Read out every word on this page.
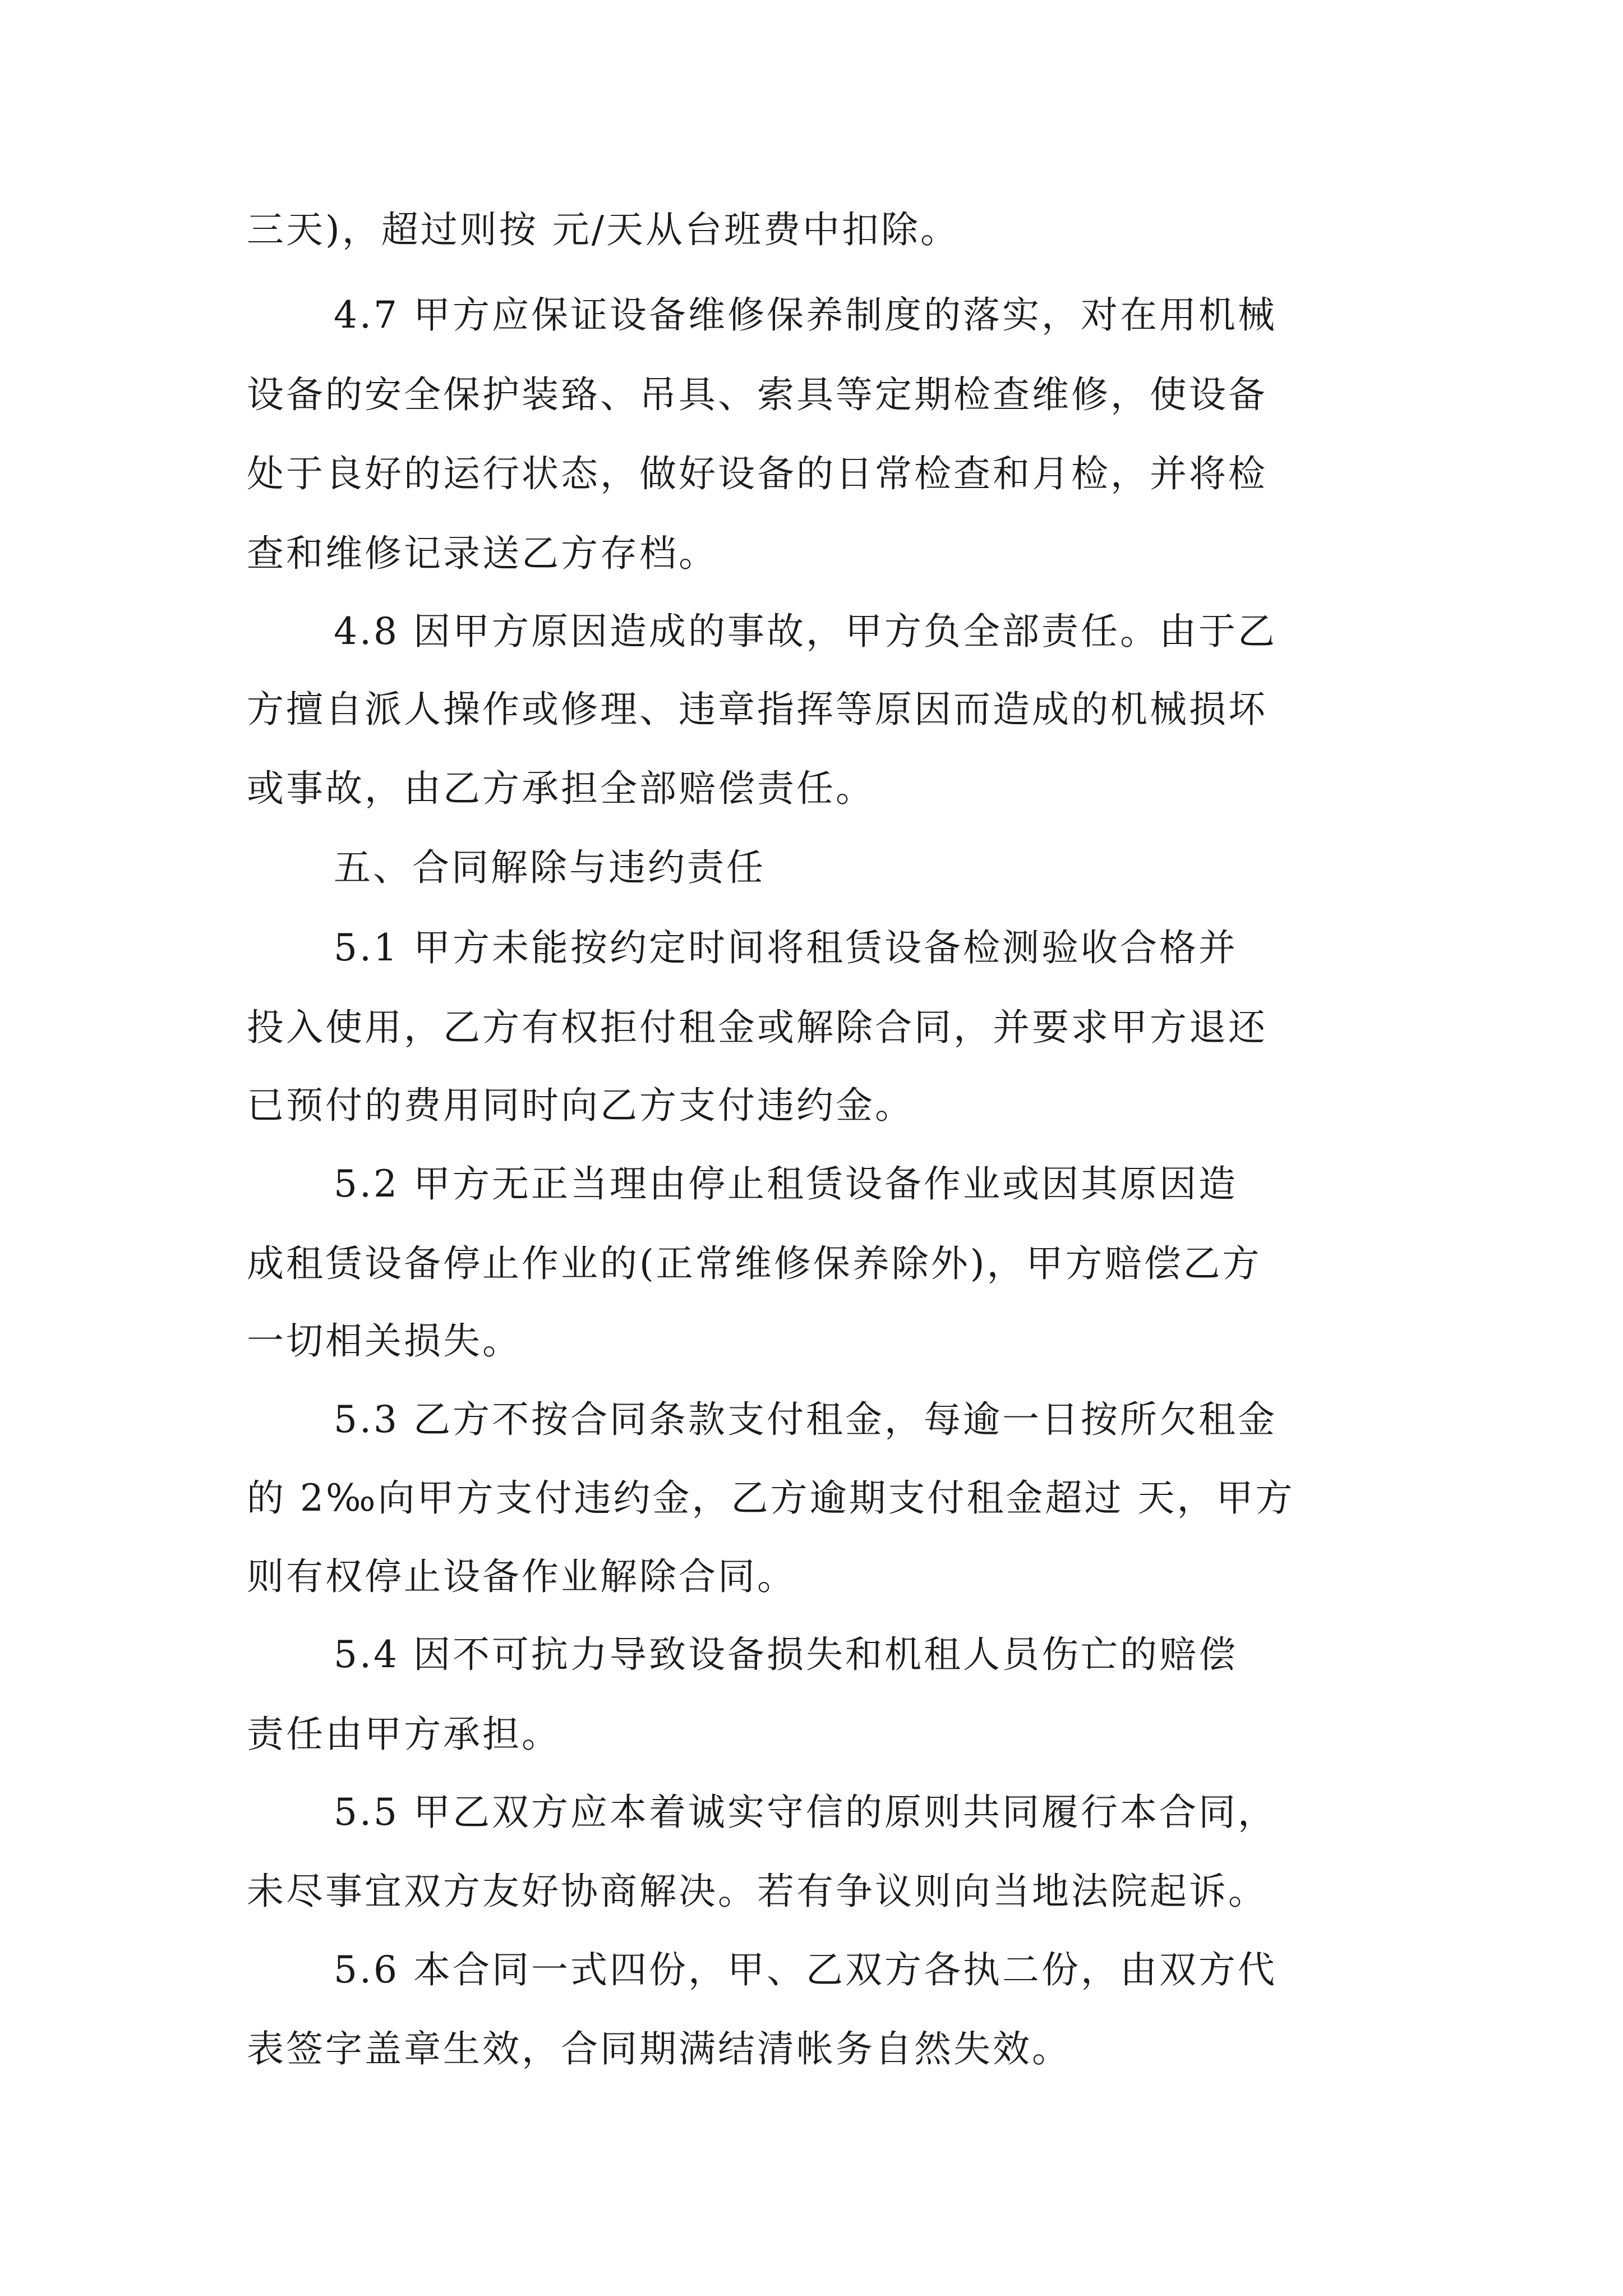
三天)，超过则按 元/天从台班费中扣除。

4.7 甲方应保证设备维修保养制度的落实，对在用机械

设备的安全保护装臵、吊具、索具等定期检查维修，使设备

处于良好的运行状态，做好设备的日常检查和月检，并将检

查和维修记录送乙方存档。

4.8 因甲方原因造成的事故，甲方负全部责任。由于乙

方擅自派人操作或修理、违章指挥等原因而造成的机械损坏

或事故，由乙方承担全部赔偿责任。

五、合同解除与违约责任

5.1 甲方未能按约定时间将租赁设备检测验收合格并

投入使用，乙方有权拒付租金或解除合同，并要求甲方退还

已预付的费用同时向乙方支付违约金。

5.2 甲方无正当理由停止租赁设备作业或因其原因造

成租赁设备停止作业的(正常维修保养除外)，甲方赔偿乙方

一切相关损失。

5.3 乙方不按合同条款支付租金，每逾一日按所欠租金

的 2‰向甲方支付违约金，乙方逾期支付租金超过 天，甲方

则有权停止设备作业解除合同。

5.4 因不可抗力导致设备损失和机租人员伤亡的赔偿

责任由甲方承担。

5.5 甲乙双方应本着诚实守信的原则共同履行本合同，

未尽事宜双方友好协商解决。若有争议则向当地法院起诉。

5.6 本合同一式四份，甲、乙双方各执二份，由双方代

表签字盖章生效，合同期满结清帐务自然失效。
